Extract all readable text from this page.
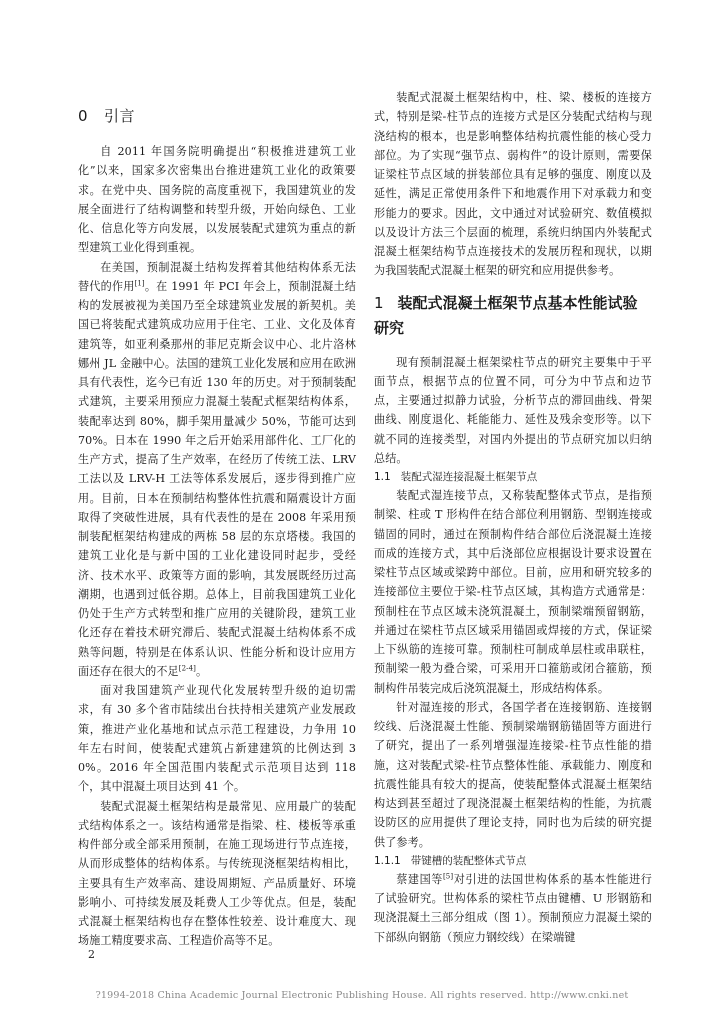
0 引言

自 2011 年国务院明确提出“积极推进建筑工业化”以来，国家多次密集出台推进建筑工业化的政策要求。在党中央、国务院的高度重视下，我国建筑业的发展全面进行了结构调整和转型升级，开始向绿色、工业化、信息化等方向发展，以发展装配式建筑为重点的新型建筑工业化得到重视。

在美国，预制混凝土结构发挥着其他结构体系无法替代的作用[1]。在 1991 年 PCI 年会上，预制混凝土结构的发展被视为美国乃至全球建筑业发展的新契机。美国已将装配式建筑成功应用于住宅、工业、文化及体育建筑等，如亚利桑那州的菲尼克斯会议中心、北片洛林娜州 JL 金融中心。法国的建筑工业化发展和应用在欧洲具有代表性，迄今已有近 130 年的历史。对于预制装配式建筑，主要采用预应力混凝土装配式框架结构体系，装配率达到 80%，脚手架用量减少 50%，节能可达到 70%。日本在 1990 年之后开始采用部件化、工厂化的生产方式，提高了生产效率，在经历了传统工法、LRV 工法以及 LRV-H 工法等体系发展后，逐步得到推广应用。目前，日本在预制结构整体性抗震和隔震设计方面取得了突破性进展，具有代表性的是在 2008 年采用预制装配框架结构建成的两栋 58 层的东京塔楼。我国的建筑工业化是与新中国的工业化建设同时起步，受经济、技术水平、政策等方面的影响，其发展既经历过高潮期，也遇到过低谷期。总体上，目前我国建筑工业化仍处于生产方式转型和推广应用的关键阶段，建筑工业化还存在着技术研究滞后、装配式混凝土结构体系不成熟等问题，特别是在体系认识、性能分析和设计应用方面还存在很大的不足[2-4]。

面对我国建筑产业现代化发展转型升级的迫切需求，有 30 多个省市陆续出台扶持相关建筑产业发展政策，推进产业化基地和试点示范工程建设，力争用 10 年左右时间，使装配式建筑占新建建筑的比例达到 30%。2016 年全国范围内装配式示范项目达到 118 个，其中混凝土项目达到 41 个。

装配式混凝土框架结构是最常见、应用最广的装配式结构体系之一。该结构通常是指梁、柱、楼板等承重构件部分或全部采用预制，在施工现场进行节点连接，从而形成整体的结构体系。与传统现浇框架结构相比，主要具有生产效率高、建设周期短、产品质量好、环境影响小、可持续发展及耗费人工少等优点。但是，装配式混凝土框架结构也存在整体性较差、设计难度大、现场施工精度要求高、工程造价高等不足。

装配式混凝土框架结构中，柱、梁、楼板的连接方式，特别是梁-柱节点的连接方式是区分装配式结构与现浇结构的根本，也是影响整体结构抗震性能的核心受力部位。为了实现“强节点、弱构件”的设计原则，需要保证梁柱节点区域的拼装部位具有足够的强度、刚度以及延性，满足正常使用条件下和地震作用下对承载力和变形能力的要求。因此，文中通过对试验研究、数值模拟以及设计方法三个层面的梳理，系统归纳国内外装配式混凝土框架结构节点连接技术的发展历程和现状，以期为我国装配式混凝土框架的研究和应用提供参考。

1 装配式混凝土框架节点基本性能试验研究

现有预制混凝土框架梁柱节点的研究主要集中于平面节点，根据节点的位置不同，可分为中节点和边节点，主要通过拟静力试验，分析节点的滞回曲线、骨架曲线、刚度退化、耗能能力、延性及残余变形等。以下就不同的连接类型，对国内外提出的节点研究加以归纳总结。

1.1 装配式湿连接混凝土框架节点

装配式湿连接节点，又称装配整体式节点，是指预制梁、柱或 T 形构件在结合部位利用钢筋、型钢连接或锚固的同时，通过在预制构件结合部位后浇混凝土连接而成的连接方式，其中后浇部位应根据设计要求设置在梁柱节点区域或梁跨中部位。目前，应用和研究较多的连接部位主要位于梁-柱节点区域，其构造方式通常是：预制柱在节点区域未浇筑混凝土，预制梁端预留钢筋，并通过在梁柱节点区域采用锚固或焊接的方式，保证梁上下纵筋的连接可靠。预制柱可制成单层柱或串联柱，预制梁一般为叠合梁，可采用开口箍筋或闭合箍筋，预制构件吊装完成后浇筑混凝土，形成结构体系。

针对湿连接的形式，各国学者在连接钢筋、连接钢绞线、后浇混凝土性能、预制梁端钢筋锚固等方面进行了研究，提出了一系列增强湿连接梁-柱节点性能的措施，这对装配式梁-柱节点整体性能、承载能力、刚度和抗震性能具有较大的提高，使装配整体式混凝土框架结构达到甚至超过了现浇混凝土框架结构的性能，为抗震设防区的应用提供了理论支持，同时也为后续的研究提供了参考。

1.1.1 带键槽的装配整体式节点

蔡建国等[5]对引进的法国世构体系的基本性能进行了试验研究。世构体系的梁柱节点由键槽、U 形钢筋和现浇混凝土三部分组成（图 1）。预制预应力混凝土梁的下部纵向钢筋（预应力钢绞线）在梁端键

2
?1994-2018 China Academic Journal Electronic Publishing House. All rights reserved. http://www.cnki.net
